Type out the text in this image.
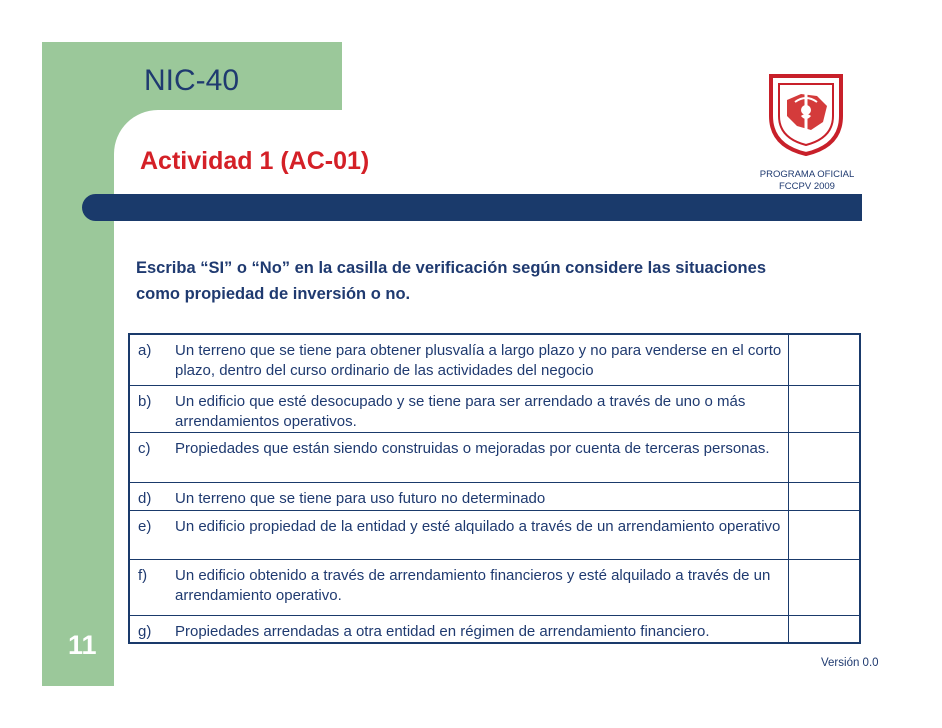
NIC-40
Actividad 1 (AC-01)	PROGRAMA OFICIAL
FCCPV 2009
Escriba “SI” o “No” en la casilla de verificación según considere las situaciones como propiedad de inversión o no.
a) Un terreno que se tiene para obtener plusvalía a largo plazo y no para venderse en el corto plazo, dentro del curso ordinario de las actividades del negocio	

b) Un edificio que esté desocupado y se tiene para ser arrendado a través de uno o más arrendamientos operativos.	

c) Propiedades que están siendo construidas o mejoradas por cuenta de terceras personas.	

d) Un terreno que se tiene para uso futuro no determinado	

e) Un edificio propiedad de la entidad y esté alquilado a través de un arrendamiento operativo	

f) Un edificio obtenido a través de arrendamiento financieros y esté alquilado a través de un arrendamiento operativo.	

g) Propiedades arrendadas a otra entidad en régimen de arrendamiento financiero.	

11
Versión 0.0
